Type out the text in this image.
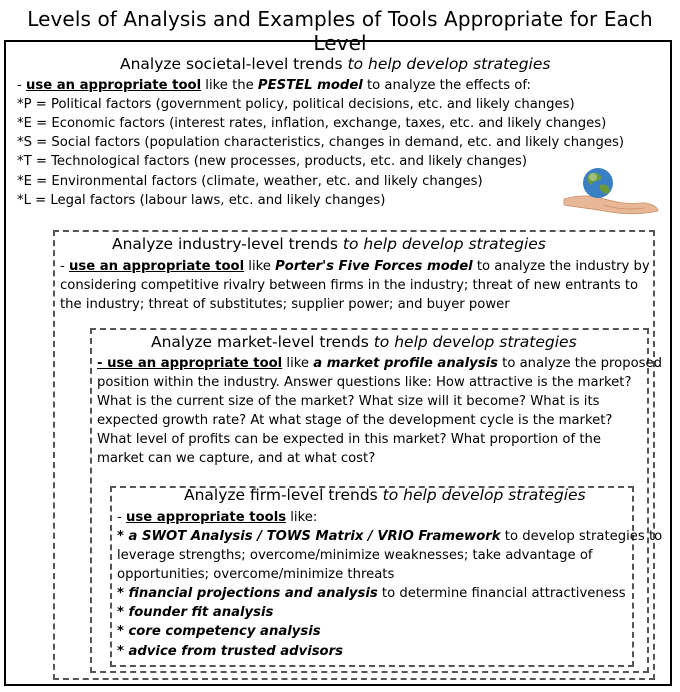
Levels of Analysis and Examples of Tools Appropriate for Each Level
Analyze societal-level trends to help develop strategies
- use an appropriate tool like the PESTEL model to analyze the effects of:
*P = Political factors (government policy, political decisions, etc. and likely changes)
*E = Economic factors (interest rates, inflation, exchange, taxes, etc. and likely changes)
*S = Social factors (population characteristics, changes in demand, etc. and likely changes)
*T = Technological factors (new processes, products, etc. and likely changes)
*E = Environmental factors (climate, weather, etc. and likely changes)
*L = Legal factors (labour laws, etc. and likely changes)
Analyze industry-level trends to help develop strategies
- use an appropriate tool like Porter's Five Forces model to analyze the industry by
considering competitive rivalry between firms in the industry; threat of new entrants to
the industry; threat of substitutes; supplier power; and buyer power
Analyze market-level trends to help develop strategies
- use an appropriate tool like a market profile analysis to analyze the proposed
position within the industry. Answer questions like: How attractive is the market?
What is the current size of the market? What size will it become? What is its
expected growth rate? At what stage of the development cycle is the market?
What level of profits can be expected in this market? What proportion of the
market can we capture, and at what cost?
Analyze firm-level trends to help develop strategies
- use appropriate tools like:
* a SWOT Analysis / TOWS Matrix / VRIO Framework to develop strategies to
leverage strengths; overcome/minimize weaknesses; take advantage of
opportunities; overcome/minimize threats
* financial projections and analysis to determine financial attractiveness
* founder fit analysis
* core competency analysis
* advice from trusted advisors
